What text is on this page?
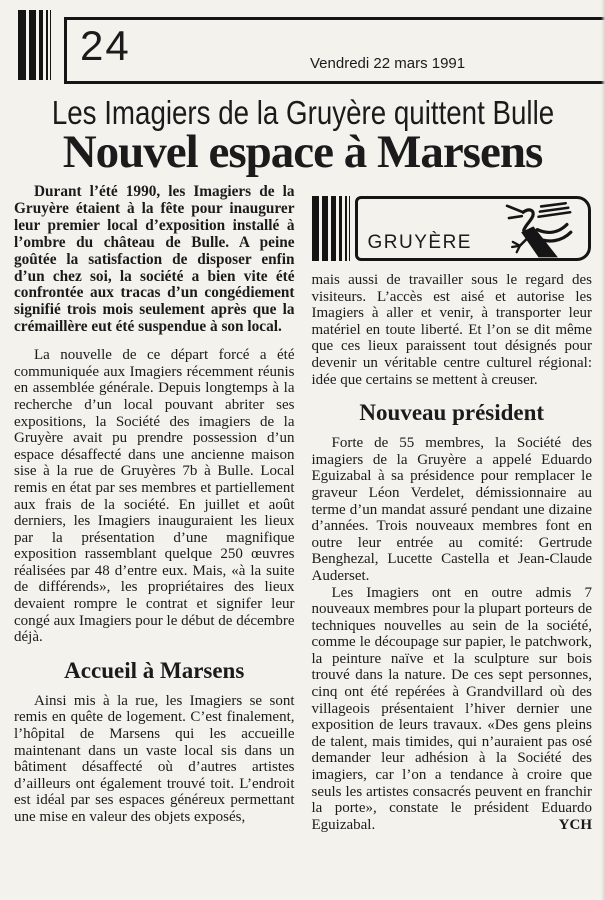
24	Vendredi 22 mars 1991
Les Imagiers de la Gruyère quittent Bulle
Nouvel espace à Marsens

Durant l’été 1990, les Imagiers de la Gruyère étaient à la fête pour inaugurer leur premier local d’exposition installé à l’ombre du château de Bulle. A peine goûtée la satisfaction de disposer enfin d’un chez soi, la société a bien vite été confrontée aux tracas d’un congédiement signifié trois mois seulement après que la crémaillère eut été suspendue à son local.

La nouvelle de ce départ forcé a été communiquée aux Imagiers récemment réunis en assemblée générale. Depuis longtemps à la recherche d’un local pouvant abriter ses expositions, la Société des imagiers de la Gruyère avait pu prendre possession d’un espace désaffecté dans une ancienne maison sise à la rue de Gruyères 7b à Bulle. Local remis en état par ses membres et partiellement aux frais de la société. En juillet et août derniers, les Imagiers inauguraient les lieux par la présentation d’une magnifique exposition rassemblant quelque 250 œuvres réalisées par 48 d’entre eux. Mais, «à la suite de différends», les propriétaires des lieux devaient rompre le contrat et signifer leur congé aux Imagiers pour le début de décembre déjà.

Accueil à Marsens

Ainsi mis à la rue, les Imagiers se sont remis en quête de logement. C’est finalement, l’hôpital de Marsens qui les accueille maintenant dans un vaste local sis dans un bâtiment désaffecté où d’autres artistes d’ailleurs ont également trouvé toit. L’endroit est idéal par ses espaces généreux permettant une mise en valeur des objets exposés,

GRUYÈRE

mais aussi de travailler sous le regard des visiteurs. L’accès est aisé et autorise les Imagiers à aller et venir, à transporter leur matériel en toute liberté. Et l’on se dit même que ces lieux paraissent tout désignés pour devenir un véritable centre culturel régional: idée que certains se mettent à creuser.

Nouveau président

Forte de 55 membres, la Société des imagiers de la Gruyère a appelé Eduardo Eguizabal à sa présidence pour remplacer le graveur Léon Verdelet, démissionnaire au terme d’un mandat assuré pendant une dizaine d’années. Trois nouveaux membres font en outre leur entrée au comité: Gertrude Benghezal, Lucette Castella et Jean-Claude Auderset.

Les Imagiers ont en outre admis 7 nouveaux membres pour la plupart porteurs de techniques nouvelles au sein de la société, comme le découpage sur papier, le patchwork, la peinture naïve et la sculpture sur bois trouvé dans la nature. De ces sept personnes, cinq ont été repérées à Grandvillard où des villageois présentaient l’hiver dernier une exposition de leurs travaux. «Des gens pleins de talent, mais timides, qui n’auraient pas osé demander leur adhésion à la Société des imagiers, car l’on a tendance à croire que seuls les artistes consacrés peuvent en franchir la porte», constate le président Eduardo Eguizabal.	YCH
